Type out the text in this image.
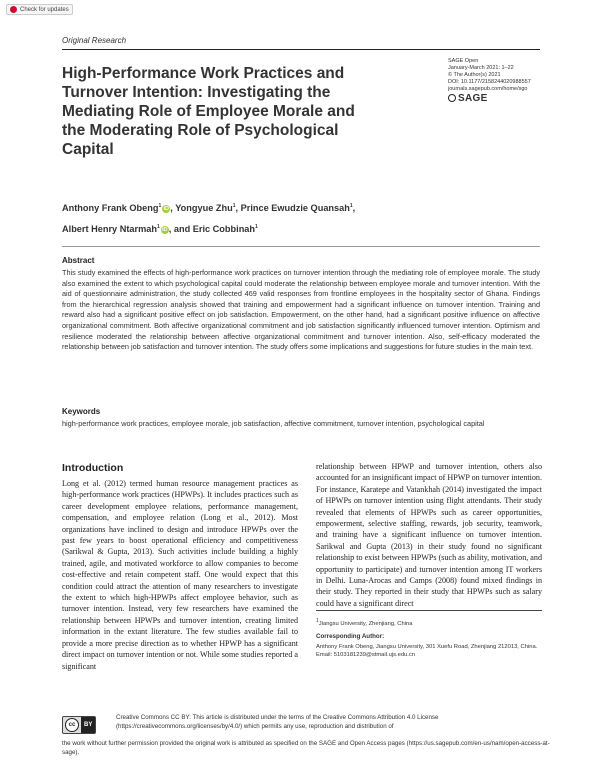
Check for updates
Original Research
High-Performance Work Practices and Turnover Intention: Investigating the Mediating Role of Employee Morale and the Moderating Role of Psychological Capital
SAGE Open
January-March 2021: 1–22
© The Author(s) 2021
DOI: 10.1177/21582440209885​57
journals.sagepub.com/home/sgo
SAGE
Anthony Frank Obeng$^1$ iD, Yongyue Zhu$^1$, Prince Ewudzie Quansah$^1$,
Albert Henry Ntarmah$^1$ iD, and Eric Cobbinah$^1$
Abstract
This study examined the effects of high-performance work practices on turnover intention through the mediating role of employee morale. The study also examined the extent to which psychological capital could moderate the relationship between employee morale and turnover intention. With the aid of questionnaire administration, the study collected 469 valid responses from frontline employees in the hospitality sector of Ghana. Findings from the hierarchical regression analysis showed that training and empowerment had a significant influence on turnover intention. Training and reward also had a significant positive effect on job satisfaction. Empowerment, on the other hand, had a significant positive influence on affective organizational commitment. Both affective organizational commitment and job satisfaction significantly influenced turnover intention. Optimism and resilience moderated the relationship between affective organizational commitment and turnover intention. Also, self-efficacy moderated the relationship between job satisfaction and turnover intention. The study offers some implications and suggestions for future studies in the main text.
Keywords
high-performance work practices, employee morale, job satisfaction, affective commitment, turnover intention, psychological capital
Introduction
Long et al. (2012) termed human resource management practices as high-performance work practices (HPWPs). It includes practices such as career development employee relations, performance management, compensation, and employee relation (Long et al., 2012). Most organizations have inclined to design and introduce HPWPs over the past few years to boost operational efficiency and competitiveness (Sarikwal & Gupta, 2013). Such activities include building a highly trained, agile, and motivated workforce to allow companies to become cost-effective and retain competent staff. One would expect that this condition could attract the attention of many researchers to investigate the extent to which high-HPWPs affect employee behavior, such as turnover intention. Instead, very few researchers have examined the relationship between HPWPs and turnover intention, creating limited information in the extant literature. The few studies available fail to provide a more precise direction as to whether HPWP has a significant direct impact on turnover intention or not. While some studies reported a significant
relationship between HPWP and turnover intention, others also accounted for an insignificant impact of HPWP on turnover intention. For instance, Karatepe and Vatankhah (2014) investigated the impact of HPWPs on turnover intention using flight attendants. Their study revealed that elements of HPWPs such as career opportunities, empowerment, selective staffing, rewards, job security, teamwork, and training have a significant influence on turnover intention. Sarikwal and Gupta (2013) in their study found no significant relationship to exist between HPWPs (such as ability, motivation, and opportunity to participate) and turnover intention among IT workers in Delhi. Luna-Arocas and Camps (2008) found mixed findings in their study. They reported in their study that HPWPs such as salary could have a significant direct
$^1$Jiangsu University, Zhenjiang, China
Corresponding Author:
Anthony Frank Obeng, Jiangsu University, 301 Xuefu Road, Zhenjiang 212013, China.
Email: 5103181239@stmail.ujs.edu.cn
cc	BY
Creative Commons CC BY: This article is distributed under the terms of the Creative Commons Attribution 4.0 License (https://creativecommons.org/licenses/by/4.0/) which permits any use, reproduction and distribution of
the work without further permission provided the original work is attributed as specified on the SAGE and Open Access pages (https://us.sagepub.com/en-us/nam/open-access-at-sage).
